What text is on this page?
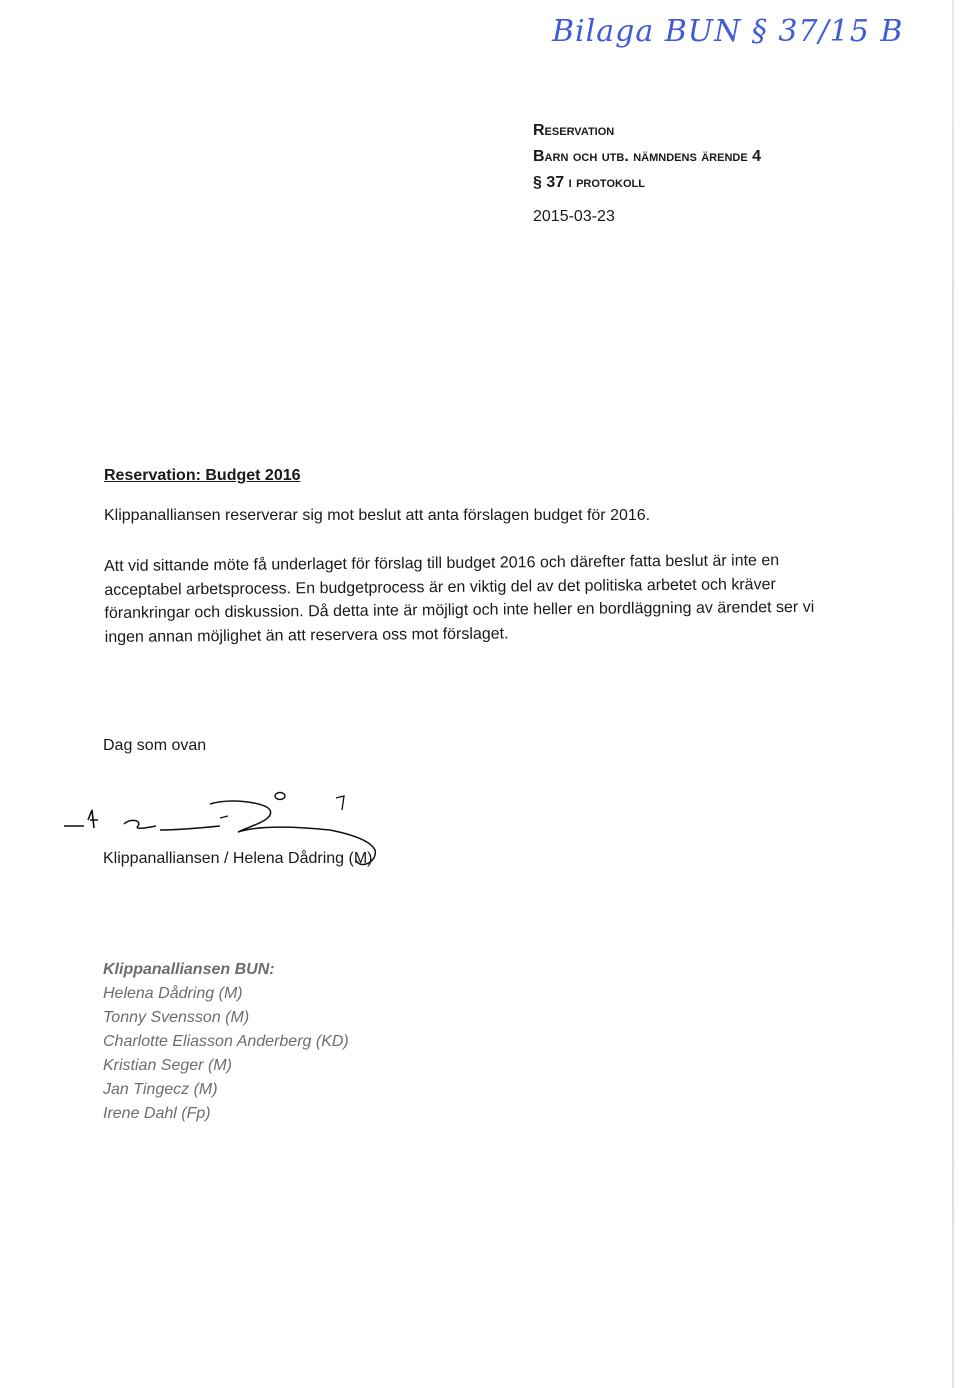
Bilaga BUN § 37/15 B
Reservation
Barn och utb. nämndens ärende 4
§ 37 i protokoll
2015-03-23
Reservation: Budget 2016
Klippanalliansen reserverar sig mot beslut att anta förslagen budget för 2016.
Att vid sittande möte få underlaget för förslag till budget 2016 och därefter fatta beslut är inte en acceptabel arbetsprocess. En budgetprocess är en viktig del av det politiska arbetet och kräver förankringar och diskussion. Då detta inte är möjligt och inte heller en bordläggning av ärendet ser vi ingen annan möjlighet än att reservera oss mot förslaget.
Dag som ovan
Klippanalliansen / Helena Dådring (M)
Klippanalliansen BUN:
Helena Dådring (M)
Tonny Svensson (M)
Charlotte Eliasson Anderberg (KD)
Kristian Seger (M)
Jan Tingecz (M)
Irene Dahl (Fp)
